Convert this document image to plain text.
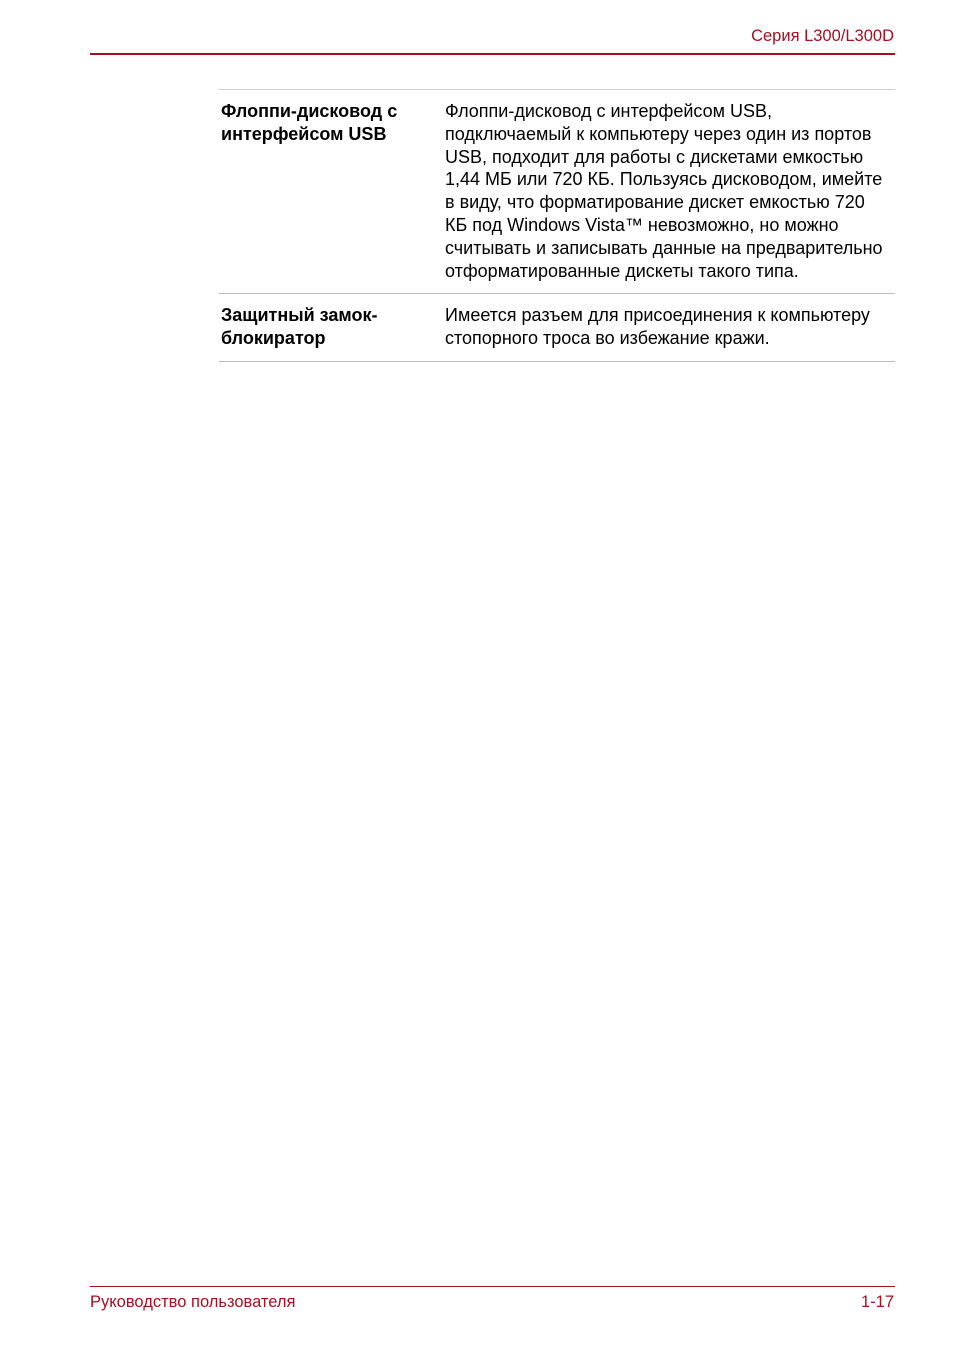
Серия L300/L300D
Флоппи-дисковод с
интерфейсом USB
Флоппи-дисковод с интерфейсом USB, подключаемый к компьютеру через один из портов USB, подходит для работы с дискетами емкостью 1,44 МБ или 720 КБ. Пользуясь дисководом, имейте в виду, что форматирование дискет емкостью 720 КБ под Windows Vista™ невозможно, но можно считывать и записывать данные на предварительно отформатированные дискеты такого типа.
Защитный замок-
блокиратор
Имеется разъем для присоединения к компьютеру стопорного троса во избежание кражи.
Руководство пользователя	1-17
